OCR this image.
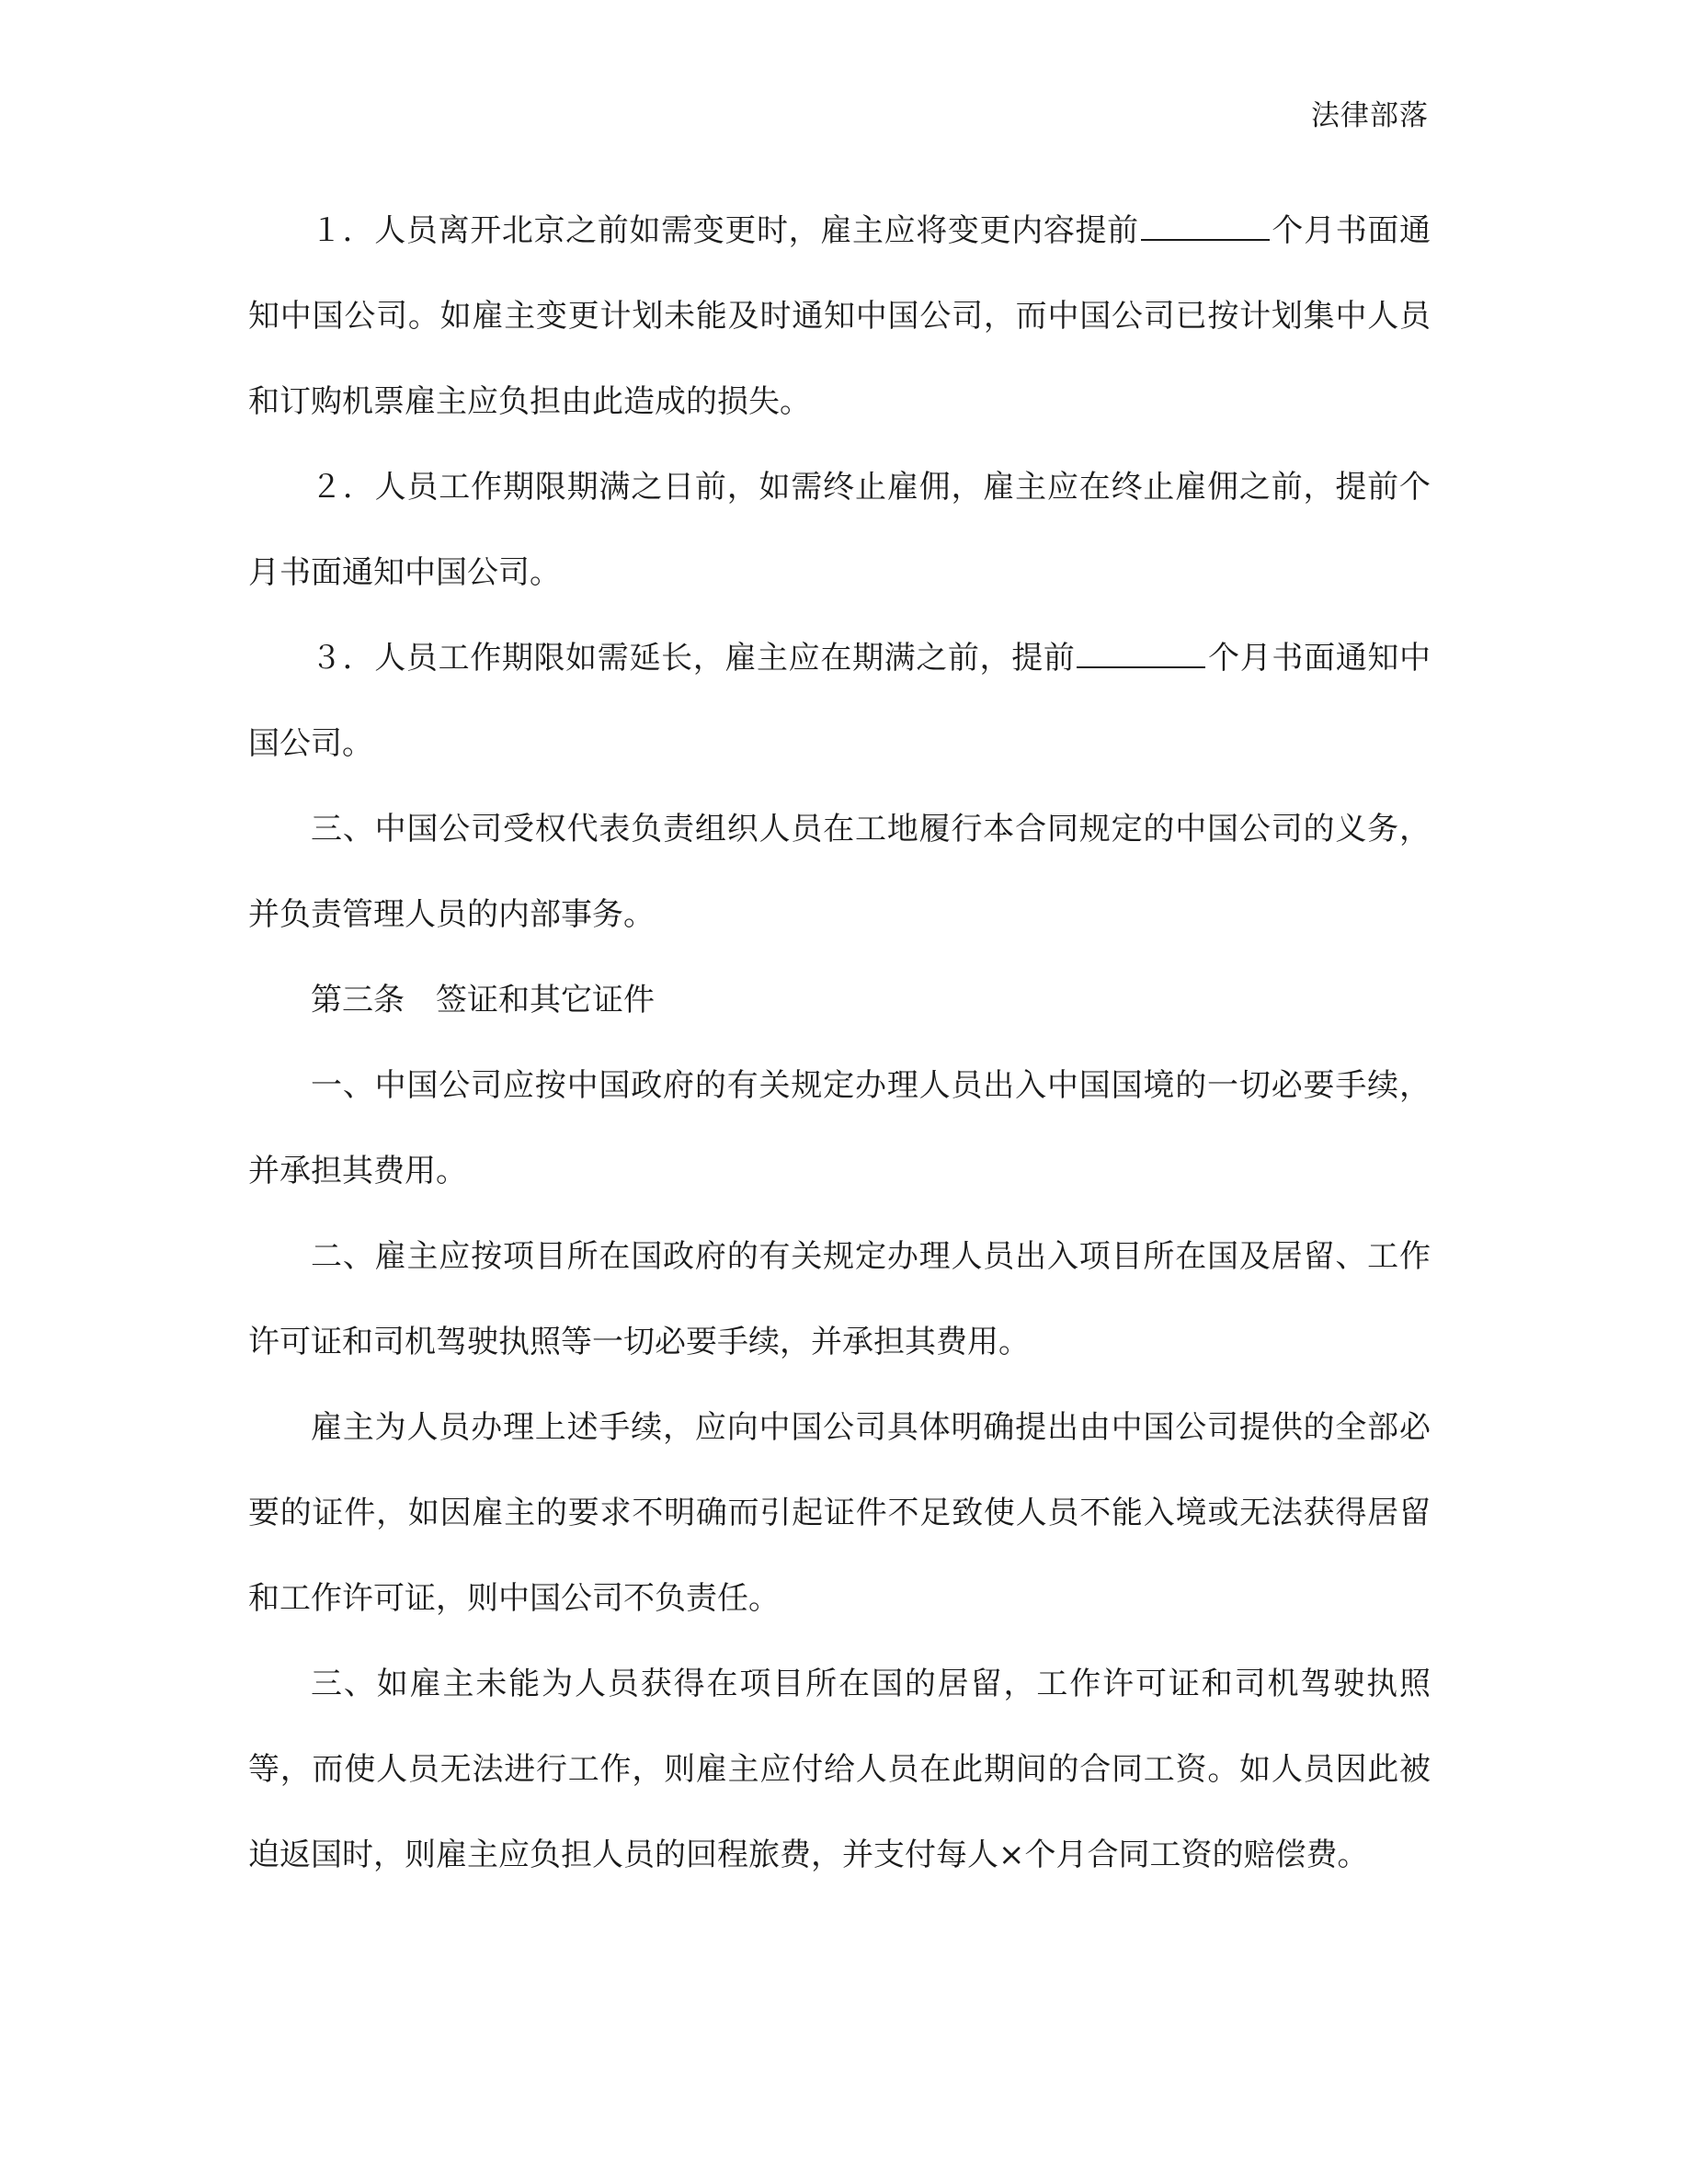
法律部落

１．人员离开北京之前如需变更时，雇主应将变更内容提前	个月书面通知中国公司。如雇主变更计划未能及时通知中国公司，而中国公司已按计划集中人员和订购机票雇主应负担由此造成的损失。

２．人员工作期限期满之日前，如需终止雇佣，雇主应在终止雇佣之前，提前个月书面通知中国公司。

３．人员工作期限如需延长，雇主应在期满之前，提前	个月书面通知中国公司。

三、中国公司受权代表负责组织人员在工地履行本合同规定的中国公司的义务，并负责管理人员的内部事务。

第三条　签证和其它证件

一、中国公司应按中国政府的有关规定办理人员出入中国国境的一切必要手续，并承担其费用。

二、雇主应按项目所在国政府的有关规定办理人员出入项目所在国及居留、工作许可证和司机驾驶执照等一切必要手续，并承担其费用。

雇主为人员办理上述手续，应向中国公司具体明确提出由中国公司提供的全部必要的证件，如因雇主的要求不明确而引起证件不足致使人员不能入境或无法获得居留和工作许可证，则中国公司不负责任。

三、如雇主未能为人员获得在项目所在国的居留，工作许可证和司机驾驶执照等，而使人员无法进行工作，则雇主应付给人员在此期间的合同工资。如人员因此被迫返国时，则雇主应负担人员的回程旅费，并支付每人×个月合同工资的赔偿费。
